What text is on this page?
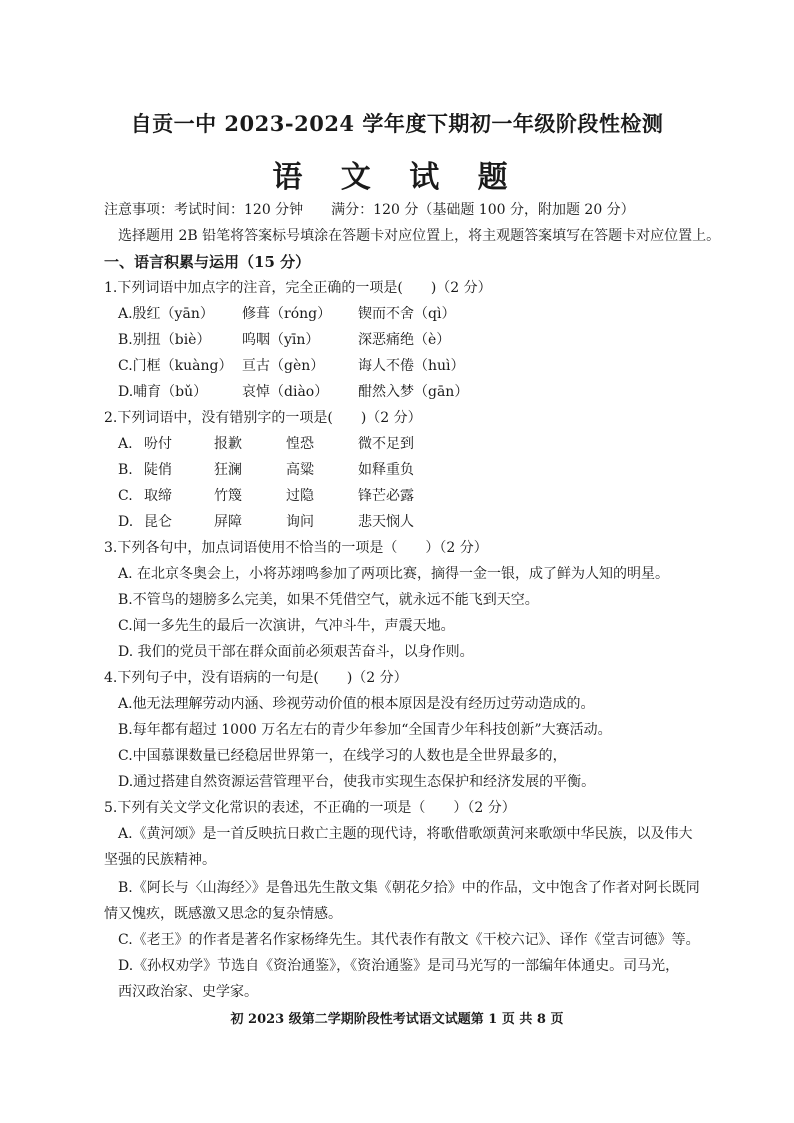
自贡一中 2023-2024 学年度下期初一年级阶段性检测
语 文 试 题
注意事项：考试时间：120 分钟　　满分：120 分（基础题 100 分，附加题 20 分）
选择题用 2B 铅笔将答案标号填涂在答题卡对应位置上，将主观题答案填写在答题卡对应位置上。
一、语言积累与运用（15 分）
1.下列词语中加点字的注音，完全正确的一项是(　　)（2 分）
A.殷红（yān） 修葺（róng） 锲而不舍（qì）
B.别扭（biè） 呜咽（yīn）	深恶痛绝（è）
C.门框（kuàng） 亘古（gèn） 诲人不倦（huì）
D.哺育（bǔ） 哀悼（diào） 酣然入梦（gān）
2.下列词语中，没有错别字的一项是(　　)（2 分）
A. 吩付	报歉	惶恐	微不足到
B. 陡俏	狂澜	高粱	如释重负
C. 取缔	竹篾	过隐	锋芒必露
D. 昆仑	屏障	询问	悲天悯人
3.下列各句中，加点词语使用不恰当的一项是（　　）（2 分）
A. 在北京冬奥会上，小将苏翊鸣参加了两项比赛，摘得一金一银，成了鲜为人知的明星。
B.不管鸟的翅膀多么完美，如果不凭借空气，就永远不能飞到天空。
C.闻一多先生的最后一次演讲，气冲斗牛，声震天地。
D. 我们的党员干部在群众面前必须艰苦奋斗，以身作则。
4.下列句子中，没有语病的一句是(　　)（2 分）
A.他无法理解劳动内涵、珍视劳动价值的根本原因是没有经历过劳动造成的。
B.每年都有超过 1000 万名左右的青少年参加“全国青少年科技创新”大赛活动。
C.中国慕课数量已经稳居世界第一，在线学习的人数也是全世界最多的，
D.通过搭建自然资源运营管理平台，使我市实现生态保护和经济发展的平衡。
5.下列有关文学文化常识的表述，不正确的一项是（　　）（2 分）
A.《黄河颂》是一首反映抗日救亡主题的现代诗，将歌借歌颂黄河来歌颂中华民族，以及伟大
坚强的民族精神。
B.《阿长与〈山海经〉》是鲁迅先生散文集《朝花夕拾》中的作品，文中饱含了作者对阿长既同
情又愧疚，既感激又思念的复杂情感。
C.《老王》的作者是著名作家杨绛先生。其代表作有散文《干校六记》、译作《堂吉诃德》等。
D.《孙权劝学》节选自《资治通鉴》，《资治通鉴》是司马光写的一部编年体通史。司马光，
西汉政治家、史学家。
初 2023 级第二学期阶段性考试语文试题第 1 页 共 8 页
